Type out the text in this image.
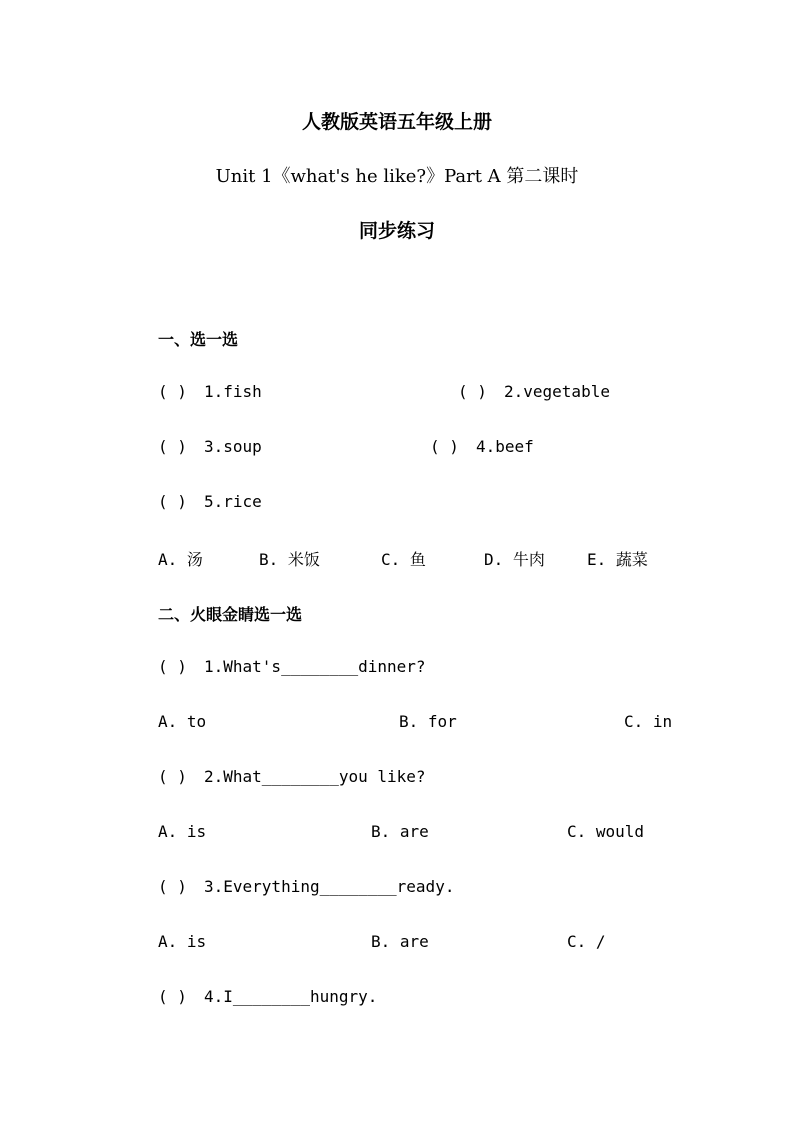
人教版英语五年级上册
Unit 1《what's he like?》Part A 第二课时
同步练习
一、选一选
( ) 1.fish	( ) 2.vegetable
( ) 3.soup	( ) 4.beef
( ) 5.rice
A. 汤	B. 米饭	C. 鱼	D. 牛肉	E. 蔬菜
二、火眼金睛选一选
( ) 1.What's________dinner?
A. to	B. for	C. in
( ) 2.What________you like?
A. is	B. are	C. would
( ) 3.Everything________ready.
A. is	B. are	C. /
( ) 4.I________hungry.
